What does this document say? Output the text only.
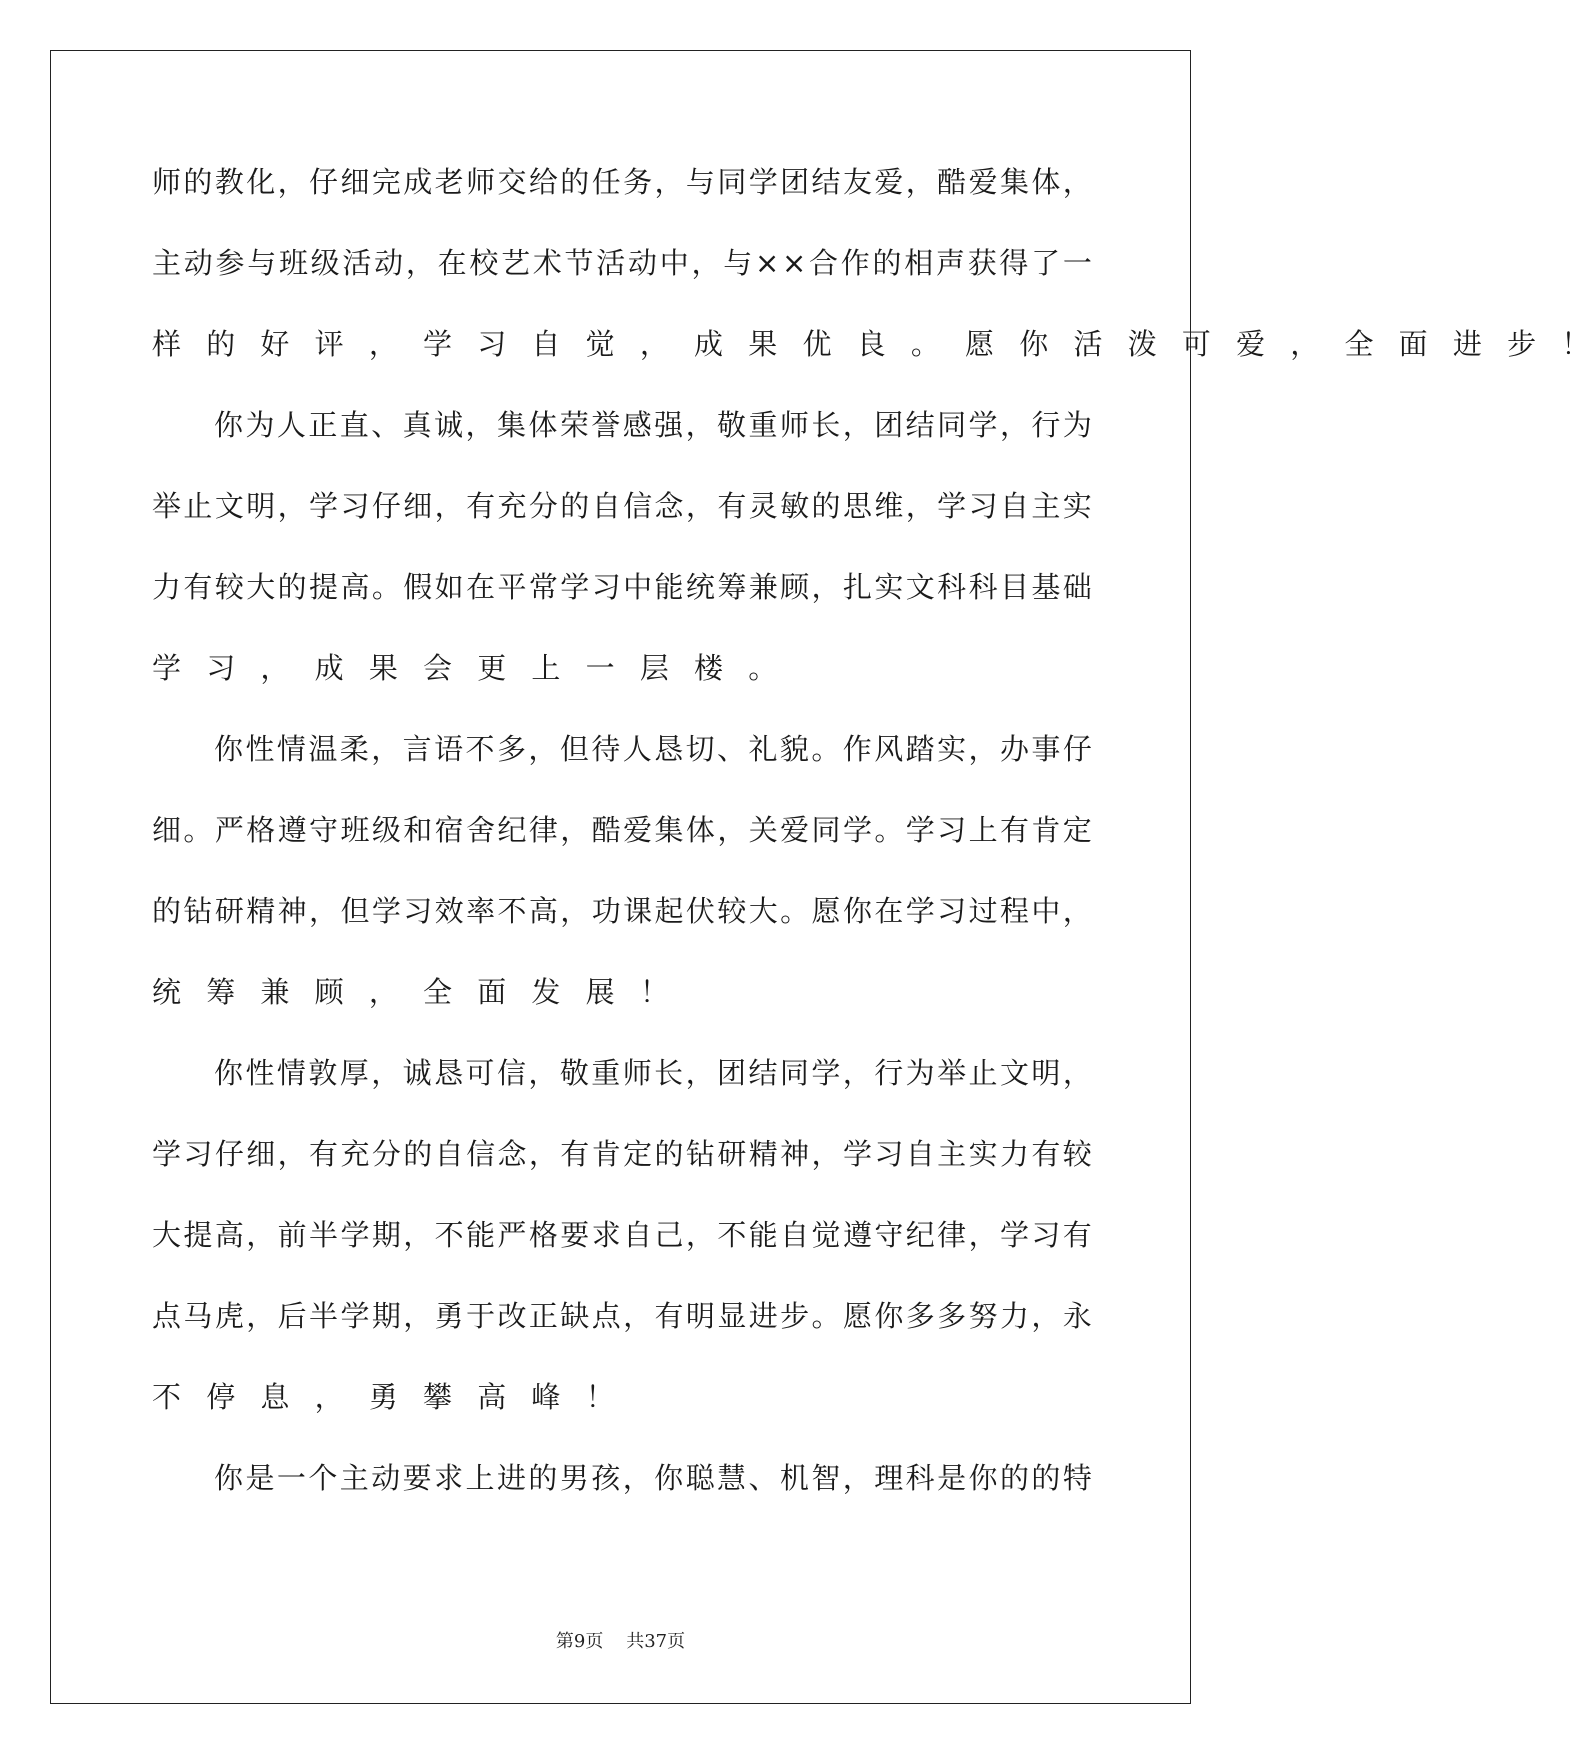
师 的 教 化 ， 仔 细 完 成 老 师 交 给 的 任 务 ， 与 同 学 团 结 友 爱 ， 酷 爱 集 体 ，
主 动 参 与 班 级 活 动 ， 在 校 艺 术 节 活 动 中 ， 与 × × 合 作 的 相 声 获 得 了 一
样 的 好 评 ， 学 习 自 觉 ， 成 果 优 良 。 愿 你 活 泼 可 爱 ， 全 面 进 步 ！
你 为 人 正 直 、 真 诚 ， 集 体 荣 誉 感 强 ， 敬 重 师 长 ， 团 结 同 学 ， 行 为
举 止 文 明 ， 学 习 仔 细 ， 有 充 分 的 自 信 念 ， 有 灵 敏 的 思 维 ， 学 习 自 主 实
力 有 较 大 的 提 高 。 假 如 在 平 常 学 习 中 能 统 筹 兼 顾 ， 扎 实 文 科 科 目 基 础
学 习 ， 成 果 会 更 上 一 层 楼 。
你 性 情 温 柔 ， 言 语 不 多 ， 但 待 人 恳 切 、 礼 貌 。 作 风 踏 实 ， 办 事 仔
细 。 严 格 遵 守 班 级 和 宿 舍 纪 律 ， 酷 爱 集 体 ， 关 爱 同 学 。 学 习 上 有 肯 定
的 钻 研 精 神 ， 但 学 习 效 率 不 高 ， 功 课 起 伏 较 大 。 愿 你 在 学 习 过 程 中 ，
统 筹 兼 顾 ， 全 面 发 展 ！
你 性 情 敦 厚 ， 诚 恳 可 信 ， 敬 重 师 长 ， 团 结 同 学 ， 行 为 举 止 文 明 ，
学 习 仔 细 ， 有 充 分 的 自 信 念 ， 有 肯 定 的 钻 研 精 神 ， 学 习 自 主 实 力 有 较
大 提 高 ， 前 半 学 期 ， 不 能 严 格 要 求 自 己 ， 不 能 自 觉 遵 守 纪 律 ， 学 习 有
点 马 虎 ， 后 半 学 期 ， 勇 于 改 正 缺 点 ， 有 明 显 进 步 。 愿 你 多 多 努 力 ， 永
不 停 息 ， 勇 攀 高 峰 ！
你 是 一 个 主 动 要 求 上 进 的 男 孩 ， 你 聪 慧 、 机 智 ， 理 科 是 你 的 的 特
第9页 共37页
